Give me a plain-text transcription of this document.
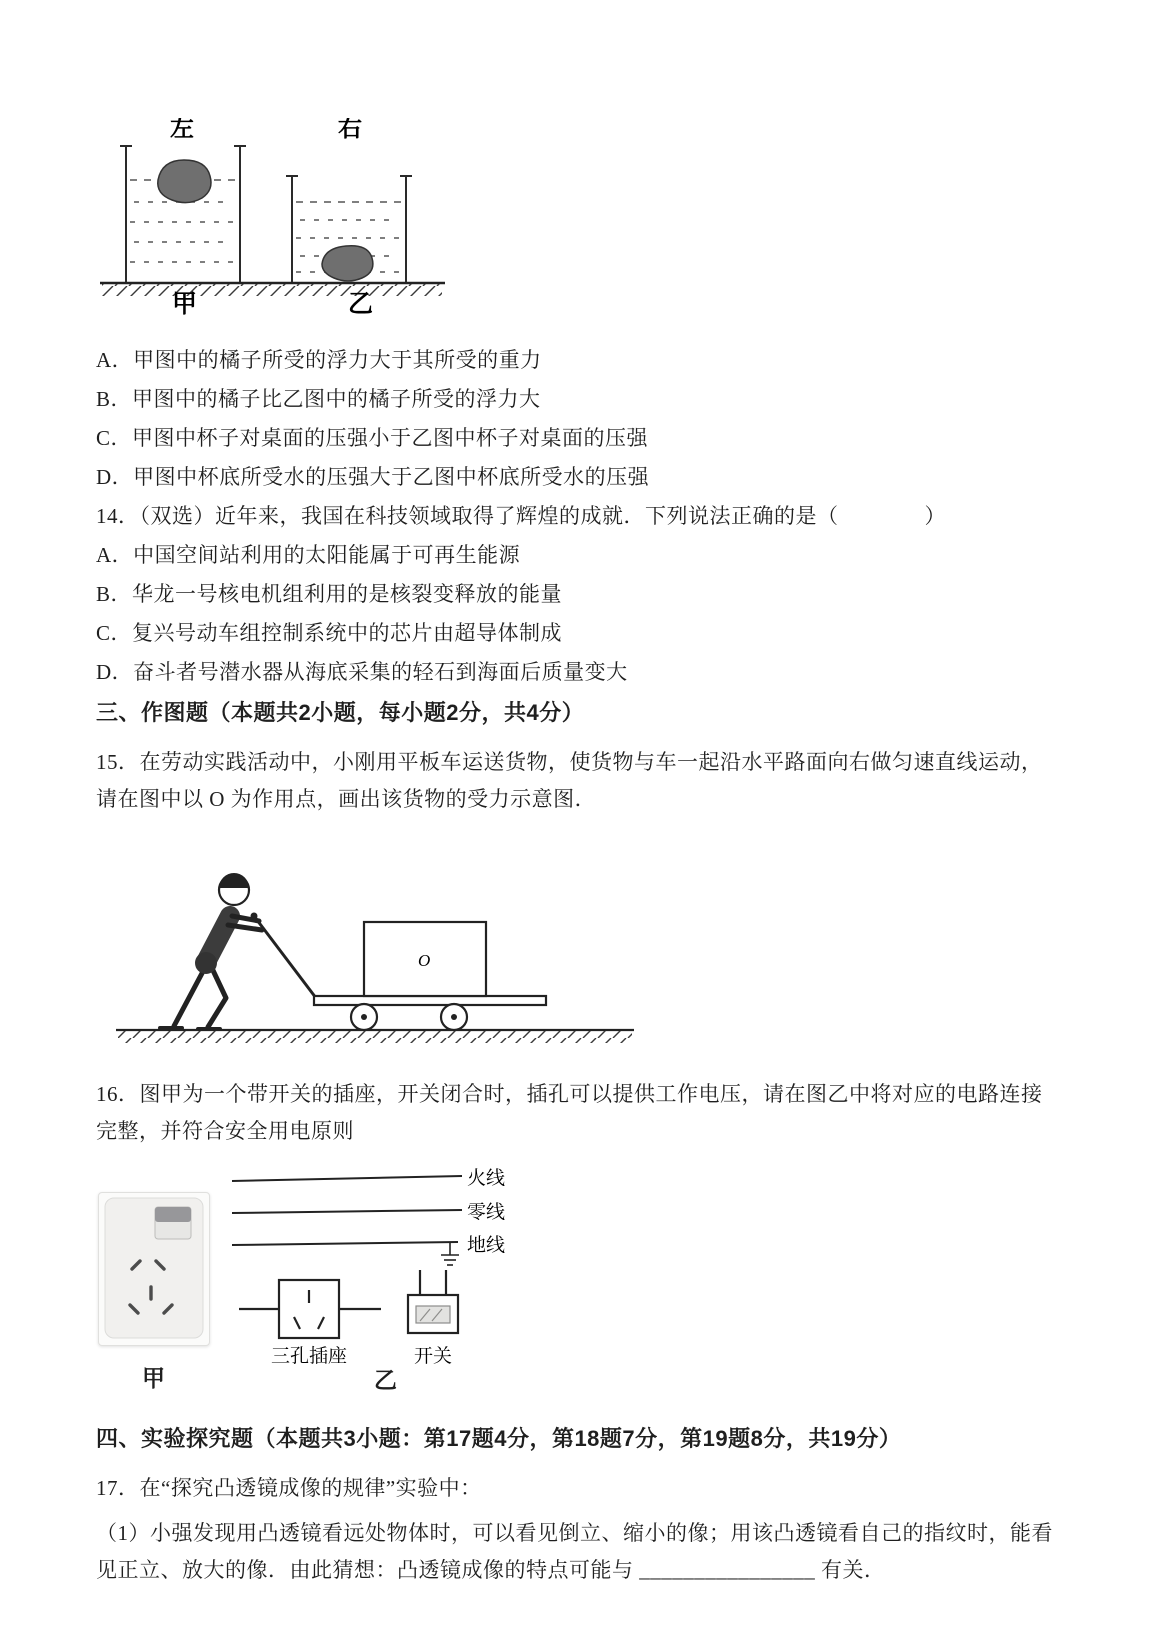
左	右
甲	乙
A．甲图中的橘子所受的浮力大于其所受的重力
B．甲图中的橘子比乙图中的橘子所受的浮力大
C．甲图中杯子对桌面的压强小于乙图中杯子对桌面的压强
D．甲图中杯底所受水的压强大于乙图中杯底所受水的压强
14．（双选）近年来，我国在科技领域取得了辉煌的成就．下列说法正确的是（　　　　）
A．中国空间站利用的太阳能属于可再生能源
B．华龙一号核电机组利用的是核裂变释放的能量
C．复兴号动车组控制系统中的芯片由超导体制成
D．奋斗者号潜水器从海底采集的轻石到海面后质量变大
三、作图题（本题共2小题，每小题2分，共4分）
15．在劳动实践活动中，小刚用平板车运送货物，使货物与车一起沿水平路面向右做匀速直线运动，请在图中以 O 为作用点，画出该货物的受力示意图．
O
16．图甲为一个带开关的插座，开关闭合时，插孔可以提供工作电压，请在图乙中将对应的电路连接完整，并符合安全用电原则
火线
零线
地线
三孔插座	开关
甲	乙
四、实验探究题（本题共3小题：第17题4分，第18题7分，第19题8分，共19分）
17．在“探究凸透镜成像的规律”实验中：
（1）小强发现用凸透镜看远处物体时，可以看见倒立、缩小的像；用该凸透镜看自己的指纹时，能看见正立、放大的像．由此猜想：凸透镜成像的特点可能与 ________________ 有关．
